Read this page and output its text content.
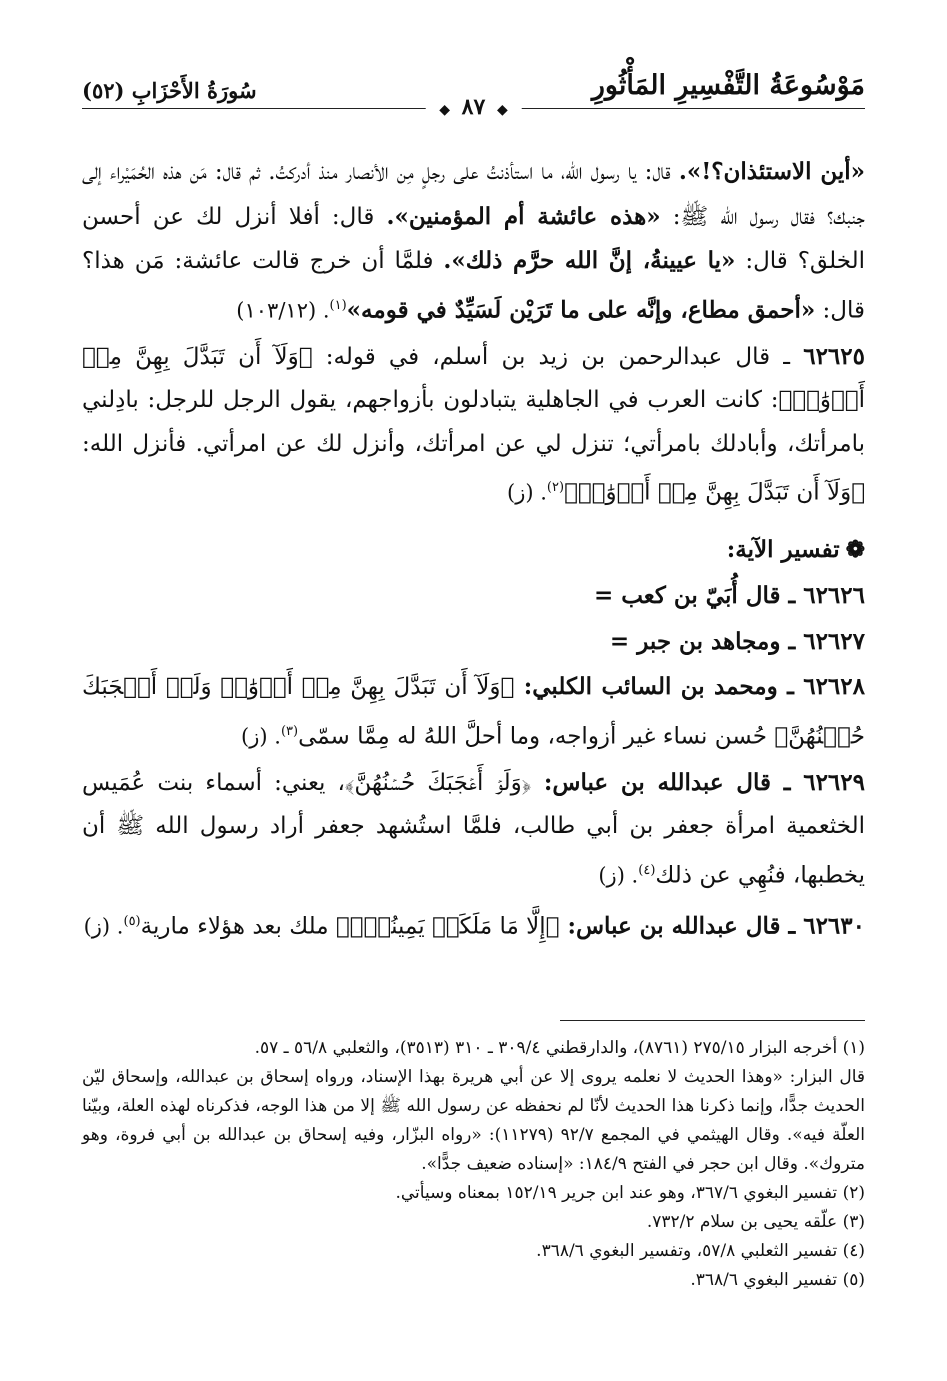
مَوْسُوعَةُ التَّفْسِيرِ المَأْثُورِ
سُورَةُ الأَحْزَابِ (٥٢)
◆ ٨٧ ◆

«أين الاستئذان؟!». قال: يا رسول الله، ما استأذنتُ على رجلٍ مِن الأنصار منذ أدركتُ. ثم قال: مَن هذه الحُمَيْراء إلى جنبك؟ فقال رسول الله ﷺ: «هذه عائشة أم المؤمنين». قال: أفلا أنزل لك عن أحسن الخلق؟ قال: «يا عيينةُ، إنَّ الله حرَّم ذلك». فلمَّا أن خرج قالت عائشة: مَن هذا؟ قال: «أحمق مطاع، وإنَّه على ما تَرَيْن لَسَيِّدٌ في قومه»$^{(١)}$. (١٠٣/١٢)

٦٢٦٢٥ ـ قال عبدالرحمن بن زيد بن أسلم، في قوله: ﴿وَلَآ أَن تَبَدَّلَ بِهِنَّ مِنۡ أَزۡوَٰجٖ﴾: كانت العرب في الجاهلية يتبادلون بأزواجهم، يقول الرجل للرجل: بادِلني بامرأتك، وأبادلك بامرأتي؛ تنزل لي عن امرأتك، وأنزل لك عن امرأتي. فأنزل الله: ﴿وَلَآ أَن تَبَدَّلَ بِهِنَّ مِنۡ أَزۡوَٰجٖ﴾$^{(٢)}$. (ز)

❁تفسير الآية:

٦٢٦٢٦ ـ قال أُبَيّ بن كعب =

٦٢٦٢٧ ـ ومجاهد بن جبر =

٦٢٦٢٨ ـ ومحمد بن السائب الكلبي: ﴿وَلَآ أَن تَبَدَّلَ بِهِنَّ مِنۡ أَزۡوَٰجٖ وَلَوۡ أَعۡجَبَكَ حُسۡنُهُنَّ﴾ حُسن نساء غير أزواجه، وما أحلَّ اللهُ له مِمَّا سمّى$^{(٣)}$. (ز)

٦٢٦٢٩ ـ قال عبدالله بن عباس: ﴿وَلَوۡ أَعۡجَبَكَ حُسۡنُهُنَّ﴾، يعني: أسماء بنت عُمَيس الخثعمية امرأة جعفر بن أبي طالب، فلمَّا استُشهد جعفر أراد رسول الله ﷺ أن يخطبها، فنُهِي عن ذلك$^{(٤)}$. (ز)

٦٢٦٣٠ ـ قال عبدالله بن عباس: ﴿إِلَّا مَا مَلَكَتۡ يَمِينُكَۗ﴾ ملك بعد هؤلاء مارية$^{(٥)}$. (ز)

(١) أخرجه البزار ٢٧٥/١٥ (٨٧٦١)، والدارقطني ٣٠٩/٤ ـ ٣١٠ (٣٥١٣)، والثعلبي ٥٦/٨ ـ ٥٧.

قال البزار: «وهذا الحديث لا نعلمه يروى إلا عن أبي هريرة بهذا الإسناد، ورواه إسحاق بن عبدالله، وإسحاق ليّن الحديث جدًّا، وإنما ذكرنا هذا الحديث لأنّا لم نحفظه عن رسول الله ﷺ إلا من هذا الوجه، فذكرناه لهذه العلة، وبيّنا العلّة فيه». وقال الهيثمي في المجمع ٩٢/٧ (١١٢٧٩): «رواه البزّار، وفيه إسحاق بن عبدالله بن أبي فروة، وهو متروك». وقال ابن حجر في الفتح ١٨٤/٩: «إسناده ضعيف جدًّا».

(٢) تفسير البغوي ٣٦٧/٦، وهو عند ابن جرير ١٥٢/١٩ بمعناه وسيأتي.

(٣) علّقه يحيى بن سلام ٧٣٢/٢.

(٤) تفسير الثعلبي ٥٧/٨، وتفسير البغوي ٣٦٨/٦.

(٥) تفسير البغوي ٣٦٨/٦.
